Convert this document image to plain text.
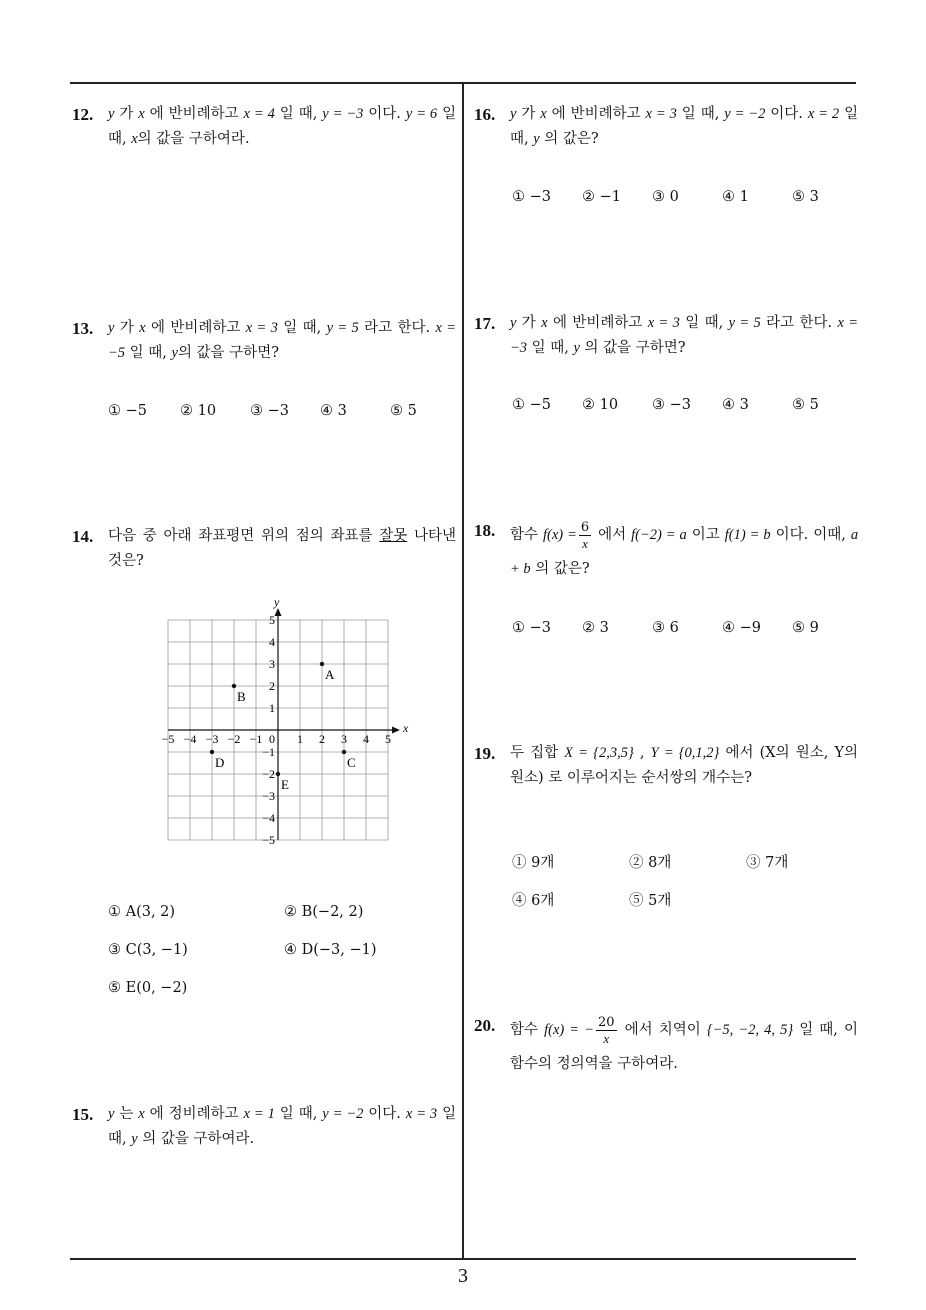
12. y 가 x 에 반비례하고 x = 4 일 때, y = −3 이다. y = 6 일 때, x의 값을 구하여라.
13. y 가 x 에 반비례하고 x = 3 일 때, y = 5 라고 한다. x = −5 일 때, y의 값을 구하면?
① −5 ② 10 ③ −3 ④ 3	⑤ 5
14. 다음 중 아래 좌표평면 위의 점의 좌표를 잘못 나타낸 것은?
x
y
−5 −4 −3 −2 −1	1 2 3 4 5
5
4
3
2
1
−1
−2
−3
−4
−5
0
A
B
C
D
E
① A(3, 2)	② B(−2, 2)
③ C(3, −1)	④ D(−3, −1)
⑤ E(0, −2)
15. y 는 x 에 정비례하고 x = 1 일 때, y = −2 이다. x = 3 일 때, y 의 값을 구하여라.
16. y 가 x 에 반비례하고 x = 3 일 때, y = −2 이다. x = 2 일 때, y 의 값은?
① −3 ② −1 ③ 0	④ 1	⑤ 3
17. y 가 x 에 반비례하고 x = 3 일 때, y = 5 라고 한다. x = −3 일 때, y 의 값을 구하면?
① −5 ② 10 ③ −3 ④ 3	⑤ 5
18. 함수 $f(x) = \frac{6}{x}$ 에서 f(−2) = a 이고 f(1) = b 이다. 이때, a + b 의 값은?
① −3 ② 3	③ 6	④ −9 ⑤ 9
19. 두 집합 X = {2,3,5} , Y = {0,1,2} 에서 (X의 원소, Y의 원소) 로 이루어지는 순서쌍의 개수는?
① 9개	② 8개	③ 7개
④ 6개	⑤ 5개
20. 함수 f(x) = − $\frac{20}{x}$ 에서 치역이 {−5, −2, 4, 5} 일 때, 이 함수의 정의역을 구하여라.
3
